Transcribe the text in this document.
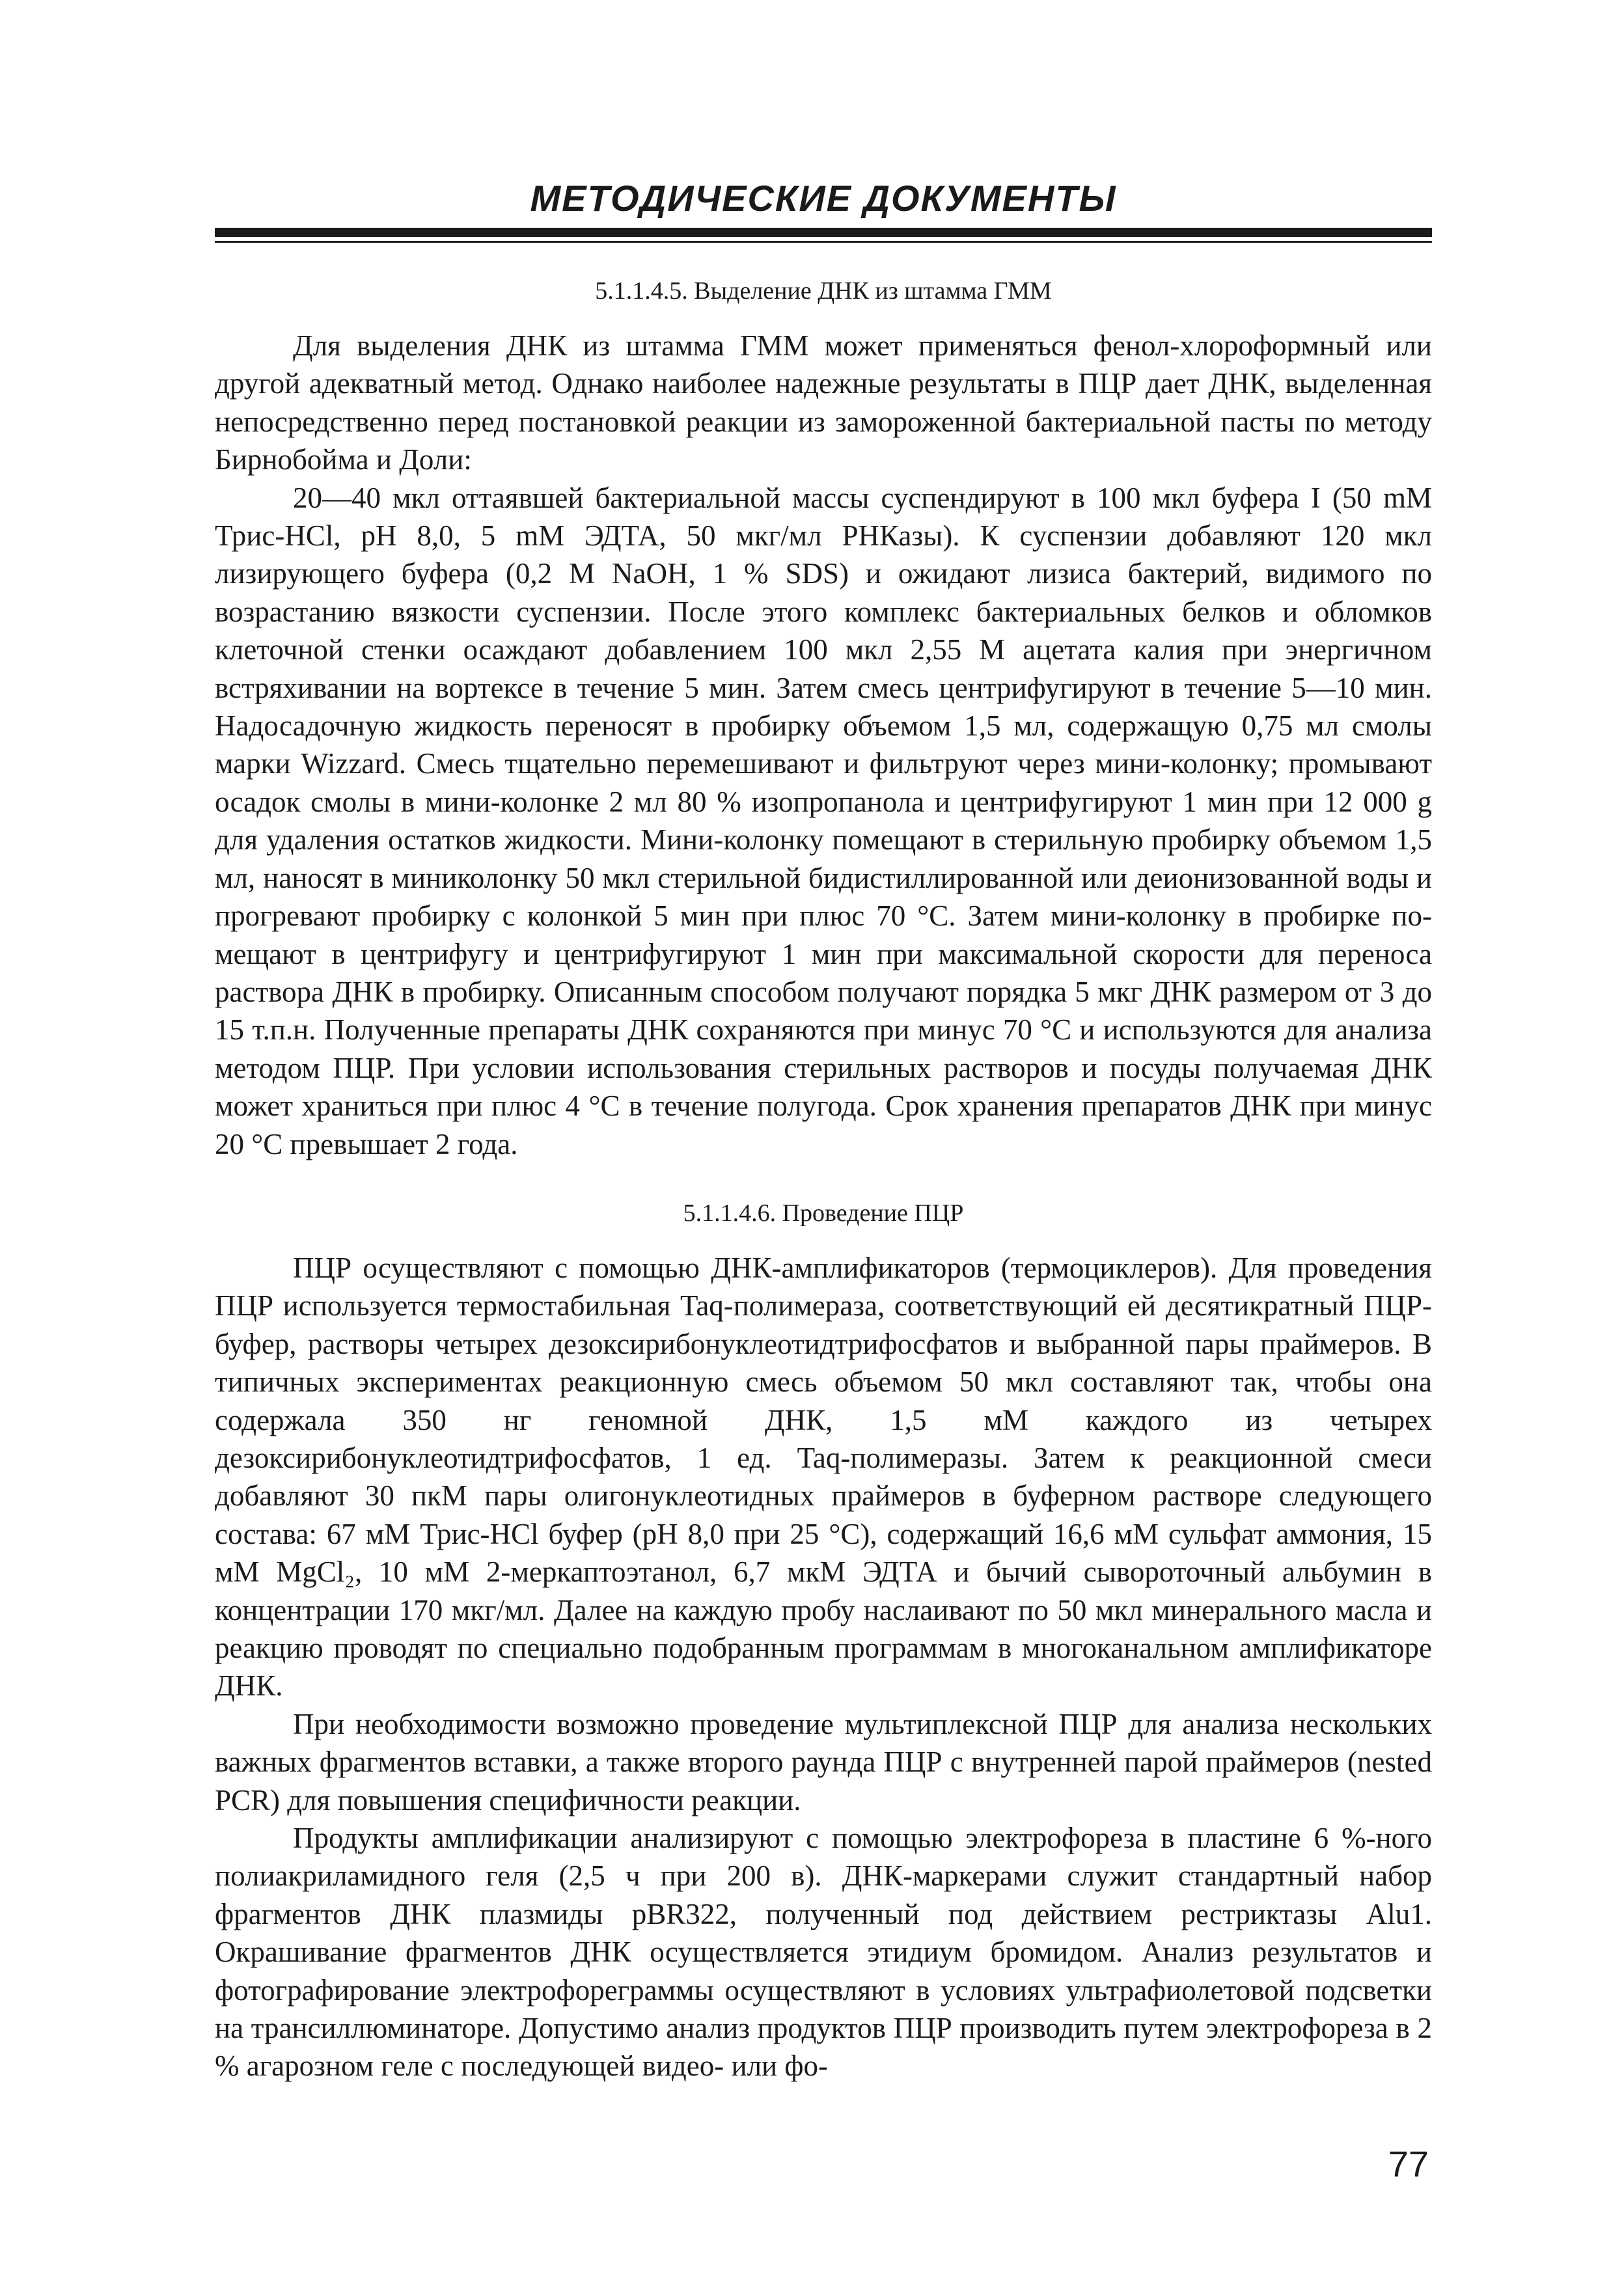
МЕТОДИЧЕСКИЕ ДОКУМЕНТЫ
5.1.1.4.5. Выделение ДНК из штамма ГММ

Для выделения ДНК из штамма ГММ может применяться фенол-хлороформный или другой адекватный метод. Однако наиболее надежные результаты в ПЦР дает ДНК, выделенная непосредственно перед постановкой реакции из замороженной бактериальной пасты по методу Бирнобойма и Доли:

20—40 мкл оттаявшей бактериальной массы суспендируют в 100 мкл буфера I (50 mM Трис-HCl, pH 8,0, 5 mM ЭДТА, 50 мкг/мл РНКазы). К суспензии добавляют 120 мкл лизирующего буфера (0,2 M NaOH, 1 % SDS) и ожидают лизиса бактерий, видимого по возрастанию вязкости суспензии. После этого комплекс бактериальных белков и обломков клеточной стенки осаждают добавлением 100 мкл 2,55 M ацетата калия при энергичном встряхивании на вортексе в течение 5 мин. Затем смесь центрифугируют в течение 5—10 мин. Надосадочную жидкость переносят в пробирку объемом 1,5 мл, содержащую 0,75 мл смолы марки Wizzard. Смесь тщательно перемешивают и фильтруют через мини-колонку; промывают осадок смолы в мини-колонке 2 мл 80 % изопропанола и центрифугируют 1 мин при 12 000 g для удаления остатков жидкости. Мини-колонку помещают в стерильную пробирку объемом 1,5 мл, наносят в миниколонку 50 мкл стерильной бидистиллированной или деионизованной воды и прогревают пробирку с колонкой 5 мин при плюс 70 °C. Затем мини-колонку в пробирке помещают в центрифугу и центрифугируют 1 мин при максимальной скорости для переноса раствора ДНК в пробирку. Описанным способом получают порядка 5 мкг ДНК размером от 3 до 15 т.п.н. Полученные препараты ДНК сохраняются при минус 70 °C и используются для анализа методом ПЦР. При условии использования стерильных растворов и посуды получаемая ДНК может храниться при плюс 4 °C в течение полугода. Срок хранения препаратов ДНК при минус 20 °C превышает 2 года.

5.1.1.4.6. Проведение ПЦР

ПЦР осуществляют с помощью ДНК-амплификаторов (термоциклеров). Для проведения ПЦР используется термостабильная Taq-полимераза, соответствующий ей десятикратный ПЦР-буфер, растворы четырех дезоксирибонуклеотидтрифосфатов и выбранной пары праймеров. В типичных экспериментах реакционную смесь объемом 50 мкл составляют так, чтобы она содержала 350 нг геномной ДНК, 1,5 мМ каждого из четырех дезоксирибонуклеотидтрифосфатов, 1 ед. Taq-полимеразы. Затем к реакционной смеси добавляют 30 пкМ пары олигонуклеотидных праймеров в буферном растворе следующего состава: 67 мМ Трис-HCl буфер (pH 8,0 при 25 °C), содержащий 16,6 мМ сульфат аммония, 15 мМ MgCl₂, 10 мМ 2-меркаптоэтанол, 6,7 мкМ ЭДТА и бычий сывороточный альбумин в концентрации 170 мкг/мл. Далее на каждую пробу наслаивают по 50 мкл минерального масла и реакцию проводят по специально подобранным программам в многоканальном амплификаторе ДНК.

При необходимости возможно проведение мультиплексной ПЦР для анализа нескольких важных фрагментов вставки, а также второго раунда ПЦР с внутренней парой праймеров (nested PCR) для повышения специфичности реакции.

Продукты амплификации анализируют с помощью электрофореза в пластине 6 %-ного полиакриламидного геля (2,5 ч при 200 в). ДНК-маркерами служит стандартный набор фрагментов ДНК плазмиды pBR322, полученный под действием рестриктазы Alu1. Окрашивание фрагментов ДНК осуществляется этидиум бромидом. Анализ результатов и фотографирование электрофореграммы осуществляют в условиях ультрафиолетовой подсветки на трансиллюминаторе. Допустимо анализ продуктов ПЦР производить путем электрофореза в 2 % агарозном геле с последующей видео- или фо-

77
